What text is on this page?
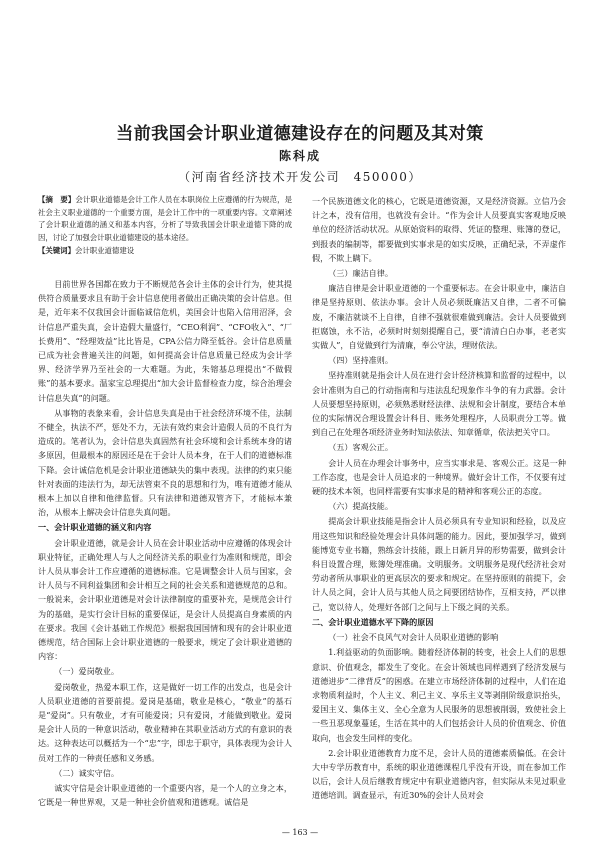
当前我国会计职业道德建设存在的问题及其对策
陈科成
（河南省经济技术开发公司　450000）

【摘　要】会计职业道德是会计工作人员在本职岗位上应遵循的行为规范，是社会主义职业道德的一个重要方面，是会计工作中的一项重要内容。文章阐述了会计职业道德的涵义和基本内容，分析了导致我国会计职业道德下降的成因，讨论了加强会计职业道德建设的基本途径。

【关键词】会计职业道德建设

目前世界各国都在致力于不断规范各会计主体的会计行为，使其提供符合质量要求且有助于会计信息使用者做出正确决策的会计信息。但是，近年来不仅我国会计面临诚信危机，美国会计也陷入信用沼泽，会计信息严重失真，会计造假大量盛行，“CEO利润”、“CFO收入”、“厂长费用”、“经理效益”比比皆是，CPA公信力降至低谷。会计信息质量已成为社会普遍关注的问题，如何提高会计信息质量已经成为会计学界、经济学界乃至社会的一大难题。为此，朱镕基总理提出“不做假账”的基本要求。温家宝总理提出“加大会计监督检查力度，综合治理会计信息失真”的问题。

从事物的表象来看，会计信息失真是由于社会经济环境不佳，法制不健全，执法不严，惩处不力，无法有效约束会计造假人员的不良行为造成的。笔者认为，会计信息失真固然有社会环境和会计系统本身的诸多原因，但最根本的原因还是在于会计人员本身，在于人们的道德标准下降。会计诚信危机是会计职业道德缺失的集中表现。法律的约束只能针对表面的违法行为，却无法管束不良的思想和行为，唯有道德才能从根本上加以自律和他律监督。只有法律和道德双管齐下，才能标本兼治，从根本上解决会计信息失真问题。

一、会计职业道德的涵义和内容

会计职业道德，就是会计人员在会计职业活动中应遵循的体现会计职业特征，正确处理人与人之间经济关系的职业行为准则和规范，即会计人员从事会计工作应遵循的道德标准。它是调整会计人员与国家，会计人员与不同利益集团和会计相互之间的社会关系和道德规范的总和。一般说来，会计职业道德是对会计法律制度的重要补充，是规范会计行为的基础，是实行会计目标的重要保证，是会计人员提高自身素质的内在要求。我国《会计基础工作规范》根据我国国情和现有的会计职业道德规范，结合国际上会计职业道德的一般要求，规定了会计职业道德的内容：

（一）爱岗敬业。

爱岗敬业，热爱本职工作，这是做好一切工作的出发点，也是会计人员职业道德的首要前提。爱岗是基础，敬业是核心，“敬业”的基石是“爱岗”。只有敬业，才有可能爱岗；只有爱岗，才能做到敬业。爱岗是会计人员的一种意识活动，敬业精神在其职业活动方式的有意识的表达。这种表达可以概括为一个“忠”字，即忠于职守，具体表现为会计人员对工作的一种责任感和义务感。

（二）诚实守信。

诚实守信是会计职业道德的一个重要内容，是一个人的立身之本，它既是一种世界观，又是一种社会价值观和道德观。诚信是

一个民族道德文化的核心，它既是道德资源，又是经济资源。立信乃会计之本，没有信用，也就没有会计。“作为会计人员要真实客观地反映单位的经济活动状况。从原始资料的取得、凭证的整理、账簿的登记，到报表的编制等，都要做到实事求是的如实反映，正确纪录，不弄虚作假，不欺上瞒下。

（三）廉洁自律。

廉洁自律是会计职业道德的一个重要标志。在会计职业中，廉洁自律是坚持原则、依法办事。会计人员必须既廉洁又自律，二者不可偏废，不廉洁就谈不上自律，自律不强就很难做到廉洁。会计人员要做到拒腐蚀，永不沾，必须时时刻刻提醒自己，要“清清白白办事，老老实实做人”，自觉做到行为清廉，奉公守法，理财依法。

（四）坚持准则。

坚持准则就是指会计人员在进行会计经济核算和监督的过程中，以会计准则为自己的行动指南和与违法乱纪现象作斗争的有力武器。会计人员要想坚持原则，必须熟悉财经法律、法规和会计制度，要结合本单位的实际情况合理设置会计科目、账务处理程序，人员职责分工等。做到自己在处理各项经济业务时知法依法、知章循章，依法把关守口。

（五）客观公正。

会计人员在办理会计事务中，应当实事求是、客观公正。这是一种工作态度，也是会计人员追求的一种境界。做好会计工作，不仅要有过硬的技术本领，也同样需要有实事求是的精神和客观公正的态度。

（六）提高技能。

提高会计职业技能是指会计人员必须具有专业知识和经验，以及应用这些知识和经验处理会计具体问题的能力。因此，要加强学习，做到能博览专业书籍，熟练会计技能，跟上日新月异的形势需要，做到会计科目设置合理，账簿处理准确。文明服务。文明服务是现代经济社会对劳动者所从事职业的更高层次的要求和规定。在坚持原则的前提下，会计人员之间，会计人员与其他人员之间要团结协作，互相支持，严以律己，宽以待人，处理好各部门之间与上下级之间的关系。

二、会计职业道德水平下降的原因

（一）社会不良风气对会计人员职业道德的影响

1.利益驱动的负面影响。随着经济体制的转变，社会上人们的思想意识、价值观念，都发生了变化。在会计领域也同样遇到了经济发展与道德进步“二律背反”的困惑。在建立市场经济体制的过程中，人们在追求物质利益时，个人主义、利己主义、享乐主义等剥削阶级意识抬头，爱国主义、集体主义、全心全意为人民服务的思想被削弱，致使社会上一些丑恶现象蔓延，生活在其中的人们包括会计人员的价值观念、价值取向，也会发生同样的变化。

2.会计职业道德教育力度不足，会计人员的道德素质偏低。在会计大中专学历教育中，系统的职业道德课程几乎没有开设，而在参加工作以后，会计人员后继教育规定中有职业道德内容，但实际从未见过职业道德培训。调查显示，有近30%的会计人员对会

— 163 —
